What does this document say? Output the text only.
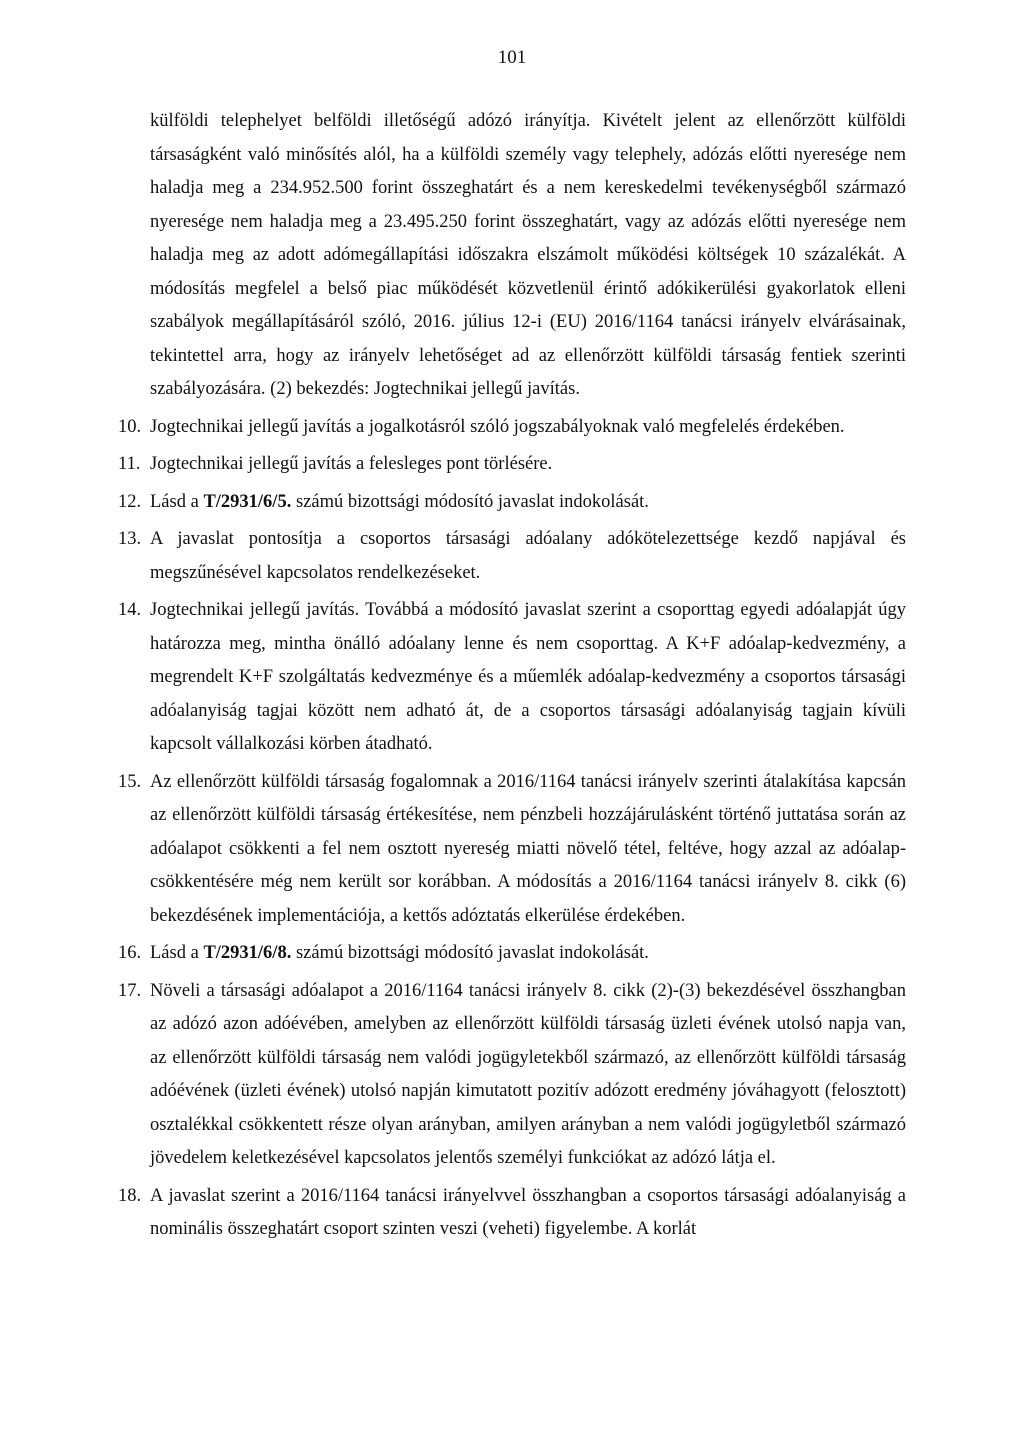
101

külföldi telephelyet belföldi illetőségű adózó irányítja. Kivételt jelent az ellenőrzött külföldi társaságként való minősítés alól, ha a külföldi személy vagy telephely, adózás előtti nyeresége nem haladja meg a 234.952.500 forint összeghatárt és a nem kereskedelmi tevékenységből származó nyeresége nem haladja meg a 23.495.250 forint összeghatárt, vagy az adózás előtti nyeresége nem haladja meg az adott adómegállapítási időszakra elszámolt működési költségek 10 százalékát. A módosítás megfelel a belső piac működését közvetlenül érintő adókikerülési gyakorlatok elleni szabályok megállapításáról szóló, 2016. július 12-i (EU) 2016/1164 tanácsi irányelv elvárásainak, tekintettel arra, hogy az irányelv lehetőséget ad az ellenőrzött külföldi társaság fentiek szerinti szabályozására. (2) bekezdés: Jogtechnikai jellegű javítás.

10. Jogtechnikai jellegű javítás a jogalkotásról szóló jogszabályoknak való megfelelés érdekében.

11. Jogtechnikai jellegű javítás a felesleges pont törlésére.

12. Lásd a T/2931/6/5. számú bizottsági módosító javaslat indokolását.

13. A javaslat pontosítja a csoportos társasági adóalany adókötelezettsége kezdő napjával és megszűnésével kapcsolatos rendelkezéseket.

14. Jogtechnikai jellegű javítás. Továbbá a módosító javaslat szerint a csoporttag egyedi adóalapját úgy határozza meg, mintha önálló adóalany lenne és nem csoporttag. A K+F adóalap-kedvezmény, a megrendelt K+F szolgáltatás kedvezménye és a műemlék adóalap-kedvezmény a csoportos társasági adóalanyiság tagjai között nem adható át, de a csoportos társasági adóalanyiság tagjain kívüli kapcsolt vállalkozási körben átadható.

15. Az ellenőrzött külföldi társaság fogalomnak a 2016/1164 tanácsi irányelv szerinti átalakítása kapcsán az ellenőrzött külföldi társaság értékesítése, nem pénzbeli hozzájárulásként történő juttatása során az adóalapot csökkenti a fel nem osztott nyereség miatti növelő tétel, feltéve, hogy azzal az adóalap-csökkentésére még nem került sor korábban. A módosítás a 2016/1164 tanácsi irányelv 8. cikk (6) bekezdésének implementációja, a kettős adóztatás elkerülése érdekében.

16. Lásd a T/2931/6/8. számú bizottsági módosító javaslat indokolását.

17. Növeli a társasági adóalapot a 2016/1164 tanácsi irányelv 8. cikk (2)-(3) bekezdésével összhangban az adózó azon adóévében, amelyben az ellenőrzött külföldi társaság üzleti évének utolsó napja van, az ellenőrzött külföldi társaság nem valódi jogügyletekből származó, az ellenőrzött külföldi társaság adóévének (üzleti évének) utolsó napján kimutatott pozitív adózott eredmény jóváhagyott (felosztott) osztalékkal csökkentett része olyan arányban, amilyen arányban a nem valódi jogügyletből származó jövedelem keletkezésével kapcsolatos jelentős személyi funkciókat az adózó látja el.

18. A javaslat szerint a 2016/1164 tanácsi irányelvvel összhangban a csoportos társasági adóalanyiság a nominális összeghatárt csoport szinten veszi (veheti) figyelembe. A korlát
